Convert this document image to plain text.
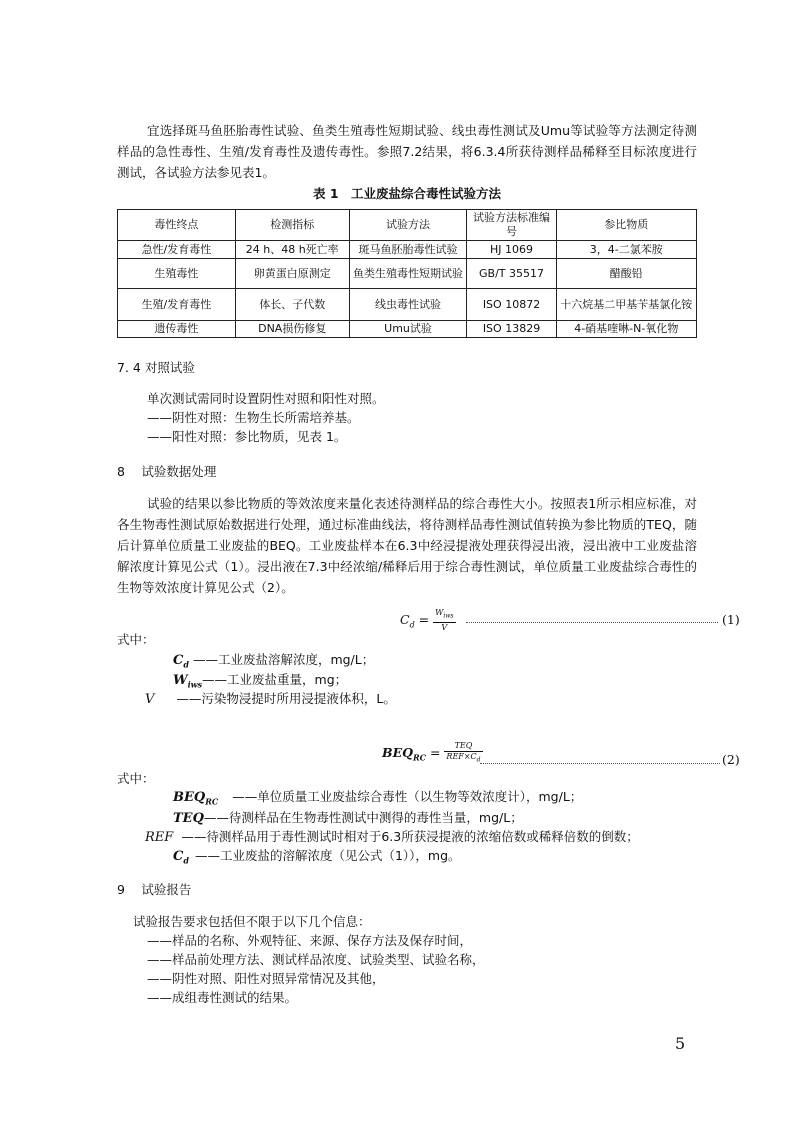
宜选择斑马鱼胚胎毒性试验、鱼类生殖毒性短期试验、线虫毒性测试及Umu等试验等方法测定待测样品的急性毒性、生殖/发育毒性及遗传毒性。参照7.2结果，将6.3.4所获待测样品稀释至目标浓度进行测试，各试验方法参见表1。

表 1　工业废盐综合毒性试验方法
毒性终点	检测指标	试验方法	试验方法标准编号	参比物质
急性/发育毒性	24 h、48 h死亡率	斑马鱼胚胎毒性试验	HJ 1069	3，4-二氯苯胺
生殖毒性	卵黄蛋白原测定	鱼类生殖毒性短期试验	GB/T 35517	醋酸铅
生殖/发育毒性	体长、子代数	线虫毒性试验	ISO 10872	十六烷基二甲基苄基氯化铵
遗传毒性	DNA损伤修复	Umu试验	ISO 13829	4-硝基喹啉-N-氧化物
7. 4 对照试验
单次测试需同时设置阴性对照和阳性对照。
——阴性对照：生物生长所需培养基。
——阳性对照：参比物质，见表 1。
8　 试验数据处理

试验的结果以参比物质的等效浓度来量化表述待测样品的综合毒性大小。按照表1所示相应标准，对各生物毒性测试原始数据进行处理，通过标准曲线法，将待测样品毒性测试值转换为参比物质的TEQ，随后计算单位质量工业废盐的BEQ。工业废盐样本在6.3中经浸提液处理获得浸出液，浸出液中工业废盐溶解浓度计算见公式（1）。浸出液在7.3中经浓缩/稀释后用于综合毒性测试，单位质量工业废盐综合毒性的生物等效浓度计算见公式（2）。

$C_d = \frac{W_{iws}}{V}$	(1)
式中：
$C_d$ ——工业废盐溶解浓度，mg/L；
$W_{iws}——$工业废盐重量，mg；
V ——污染物浸提时所用浸提液体积，L。
$BEQ_{RC} = \frac{\text{TEQ}}{REF\times C_d}$	(2)
式中：
$BEQ_{RC}$ ——单位质量工业废盐综合毒性（以生物等效浓度计），mg/L；
TEQ——待测样品在生物毒性测试中测得的毒性当量，mg/L；
REF ——待测样品用于毒性测试时相对于6.3所获浸提液的浓缩倍数或稀释倍数的倒数；
$C_d$ ——工业废盐的溶解浓度（见公式（1）），mg。
9　 试验报告
试验报告要求包括但不限于以下几个信息：
——样品的名称、外观特征、来源、保存方法及保存时间，
——样品前处理方法、测试样品浓度、试验类型、试验名称，
——阴性对照、阳性对照异常情况及其他，
——成组毒性测试的结果。
5
